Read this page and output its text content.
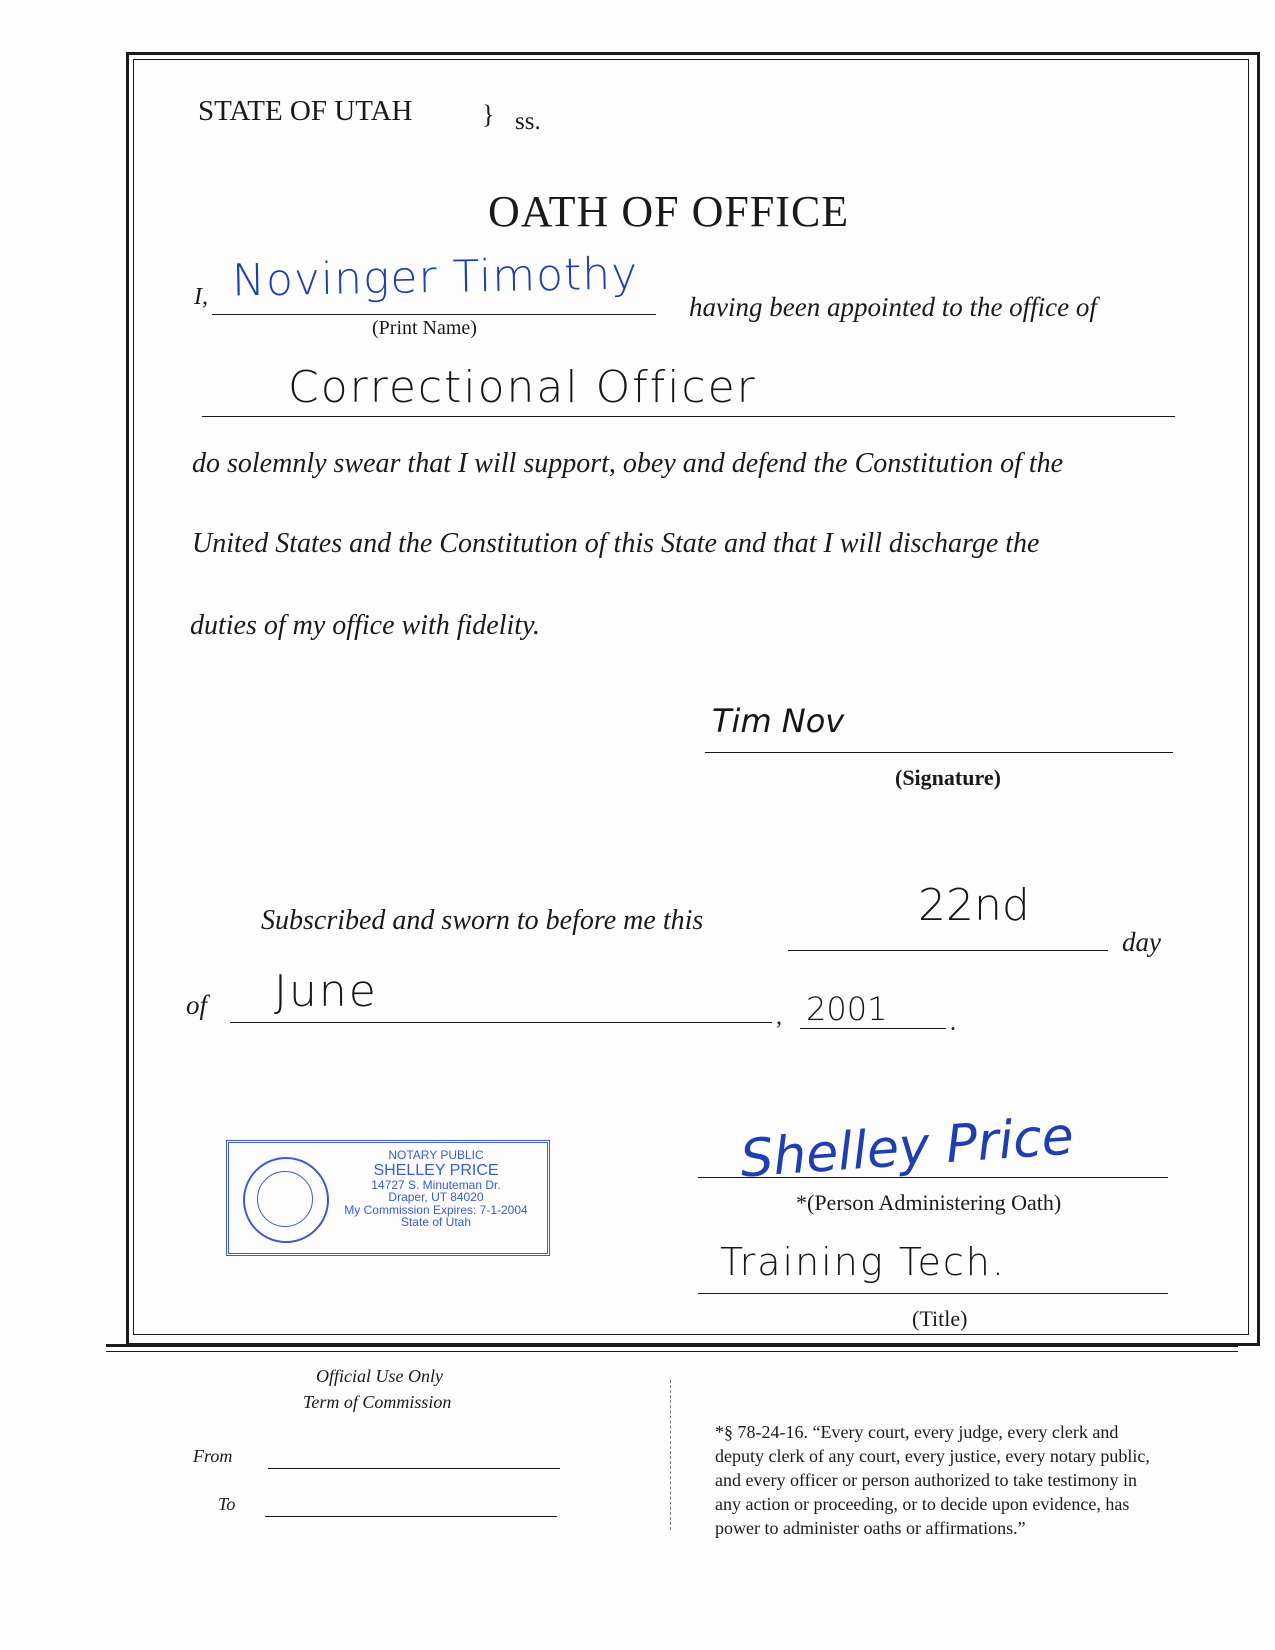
STATE OF UTAH	} ss.
OATH OF OFFICE
I, Novinger Timothy
(Print Name)
having been appointed to the office of
Correctional Officer
do solemnly swear that I will support, obey and defend the Constitution of the
United States and the Constitution of this State and that I will discharge the
duties of my office with fidelity.
Tim Nov
(Signature)
Subscribed and sworn to before me this	22nd
day
of June	, 2001	.
NOTARY PUBLIC
SHELLEY PRICE
14727 S. Minuteman Dr.
Draper, UT 84020
My Commission Expires: 7-1-2004
State of Utah
Shelley Price
*(Person Administering Oath)
Training Tech.
(Title)
Official Use Only
Term of Commission
From
To
*§ 78-24-16. “Every court, every judge, every clerk and
deputy clerk of any court, every justice, every notary public,
and every officer or person authorized to take testimony in
any action or proceeding, or to decide upon evidence, has
power to administer oaths or affirmations.”
